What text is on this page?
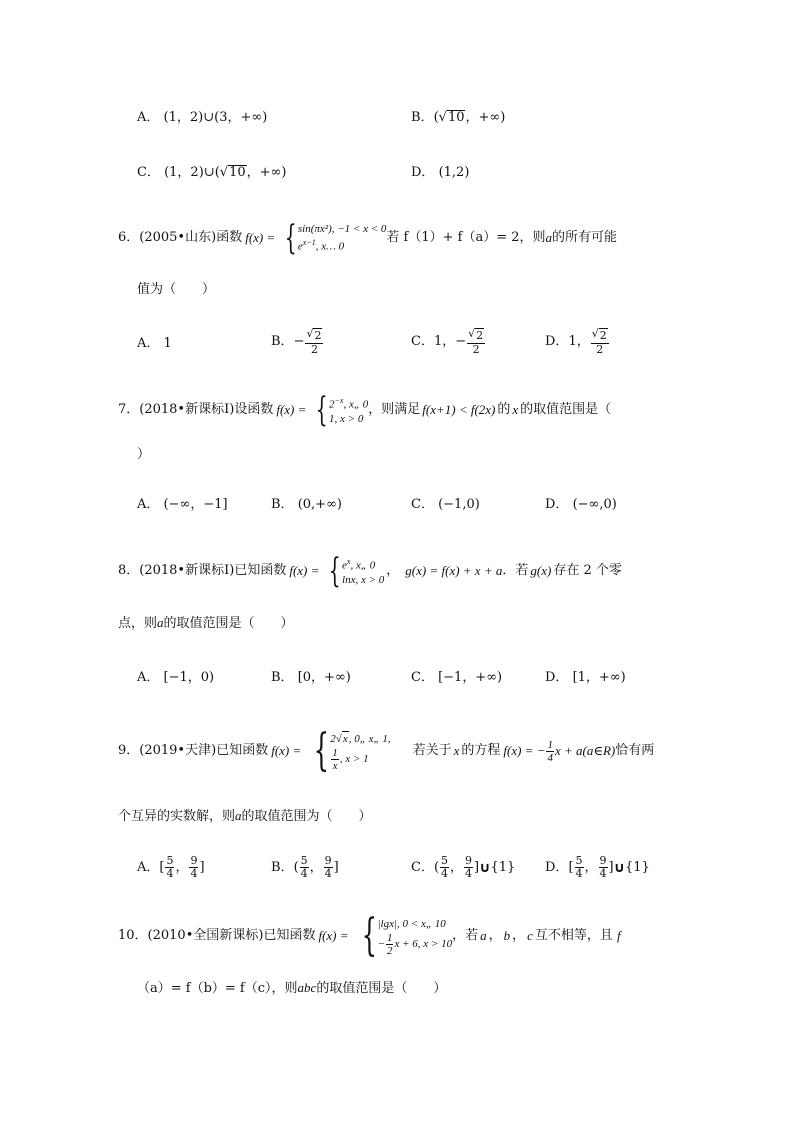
A． (1，2)∪(3，+∞)	B．( √ 10 ，+∞)
C． (1，2)∪( √ 10 ，+∞)	D． (1,2)
6． (2005•山东) 函数 f(x) = { sin(πx²), −1 < x < 0
$e^{x-1}$, x… 0
若 f（1）+ f（a）= 2，则 a 的所有可能
值为（　　）
A． 1	B． − $\frac{√ 2}{2}$	C． 1，− $\frac{√ 2}{2}$	D． 1， $\frac{√ 2}{2}$
7． (2018•新课标Ⅰ) 设函数 f(x) = { $2^{-x}$, x„ 0
1, x > 0
，则满足 f(x+1) < f(2x) 的 x 的取值范围是（
）
A． (−∞，−1]	B． (0,+∞)	C． (−1,0)	D． (−∞,0)
8． (2018•新课标Ⅰ) 已知函数 f(x) = { $e^x$, x„ 0
lnx, x > 0
， g(x) = f(x) + x + a ．若 g(x) 存在 2 个零
点，则a的取值范围是（　　）
A． [−1，0)	B． [0，+∞)	C． [−1，+∞)	D． [1，+∞)
9． (2019•天津) 已知函数 f(x) = { 2 √ x , 0„ x„ 1,
$\frac{1}{x}$ , x > 1
若关于 x 的方程 f(x) = − $\frac{1}{4}$ x + a(a∈R) 恰有两
个互异的实数解，则a的取值范围为（　　）
A． [ $\frac{5}{4}$ ， $\frac{9}{4}$ ]	B． ( $\frac{5}{4}$ ， $\frac{9}{4}$ ]	C． ( $\frac{5}{4}$ ， $\frac{9}{4}$ ] ∪ {1} D． [ $\frac{5}{4}$ ， $\frac{9}{4}$ ] ∪ {1}
10． (2010•全国新课标) 已知函数 f(x) = { |lgx|, 0 < x„ 10
− $\frac{1}{2}$ x + 6, x > 10
，若 a ， b ， c 互不相等，且 f
（a）= f（b）= f（c），则abc的取值范围是（　　）
